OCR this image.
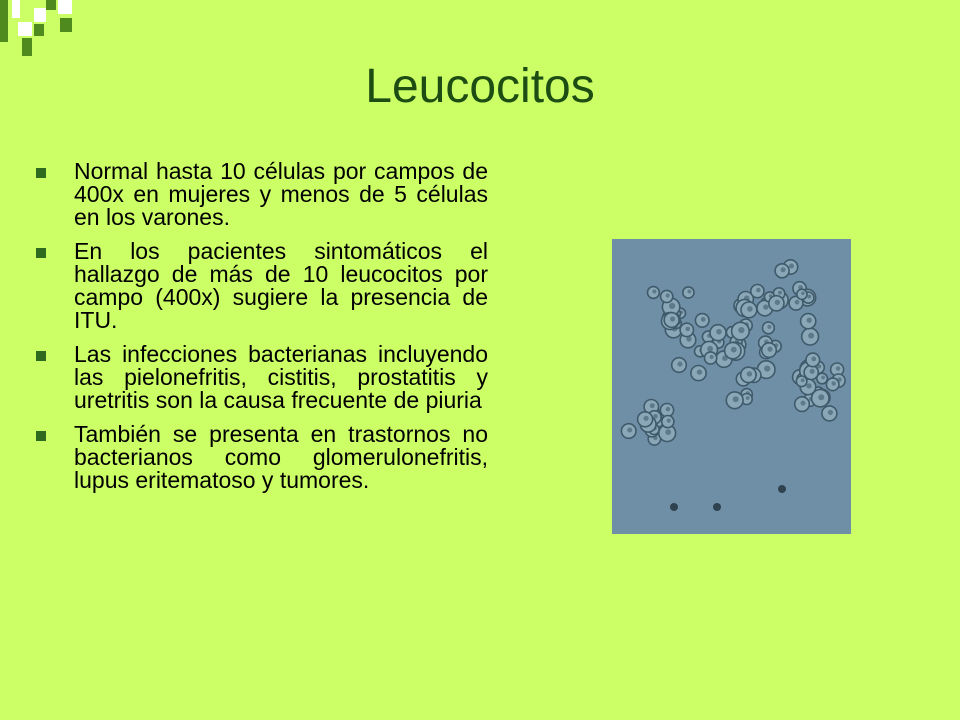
Leucocitos
Normal hasta 10 células por campos de 400x en mujeres y menos de 5 células en los varones.
En los pacientes sintomáticos el hallazgo de más de 10 leucocitos por campo (400x) sugiere la presencia de ITU.
Las infecciones bacterianas incluyendo las pielonefritis, cistitis, prostatitis y uretritis son la causa frecuente de piuria
También se presenta en trastornos no bacterianos como glomerulonefritis, lupus eritematoso y tumores.
